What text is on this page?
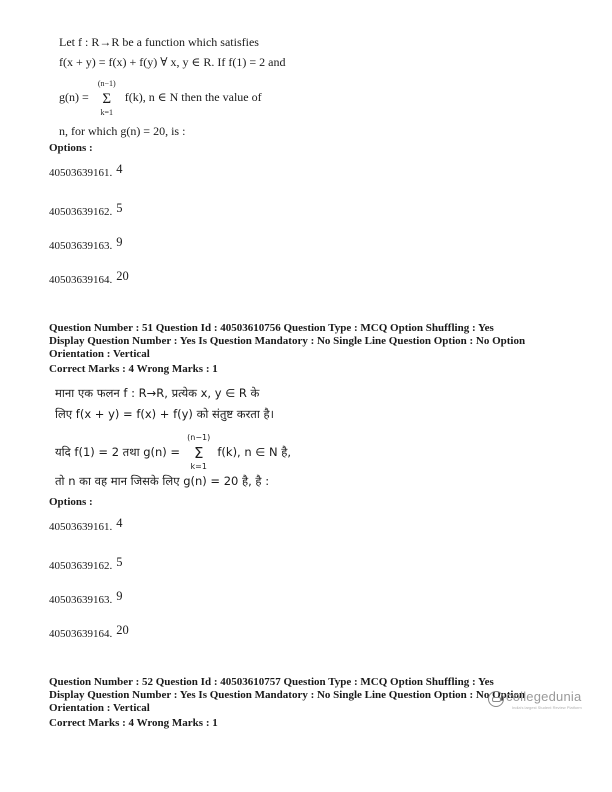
Let f : R→R be a function which satisfies
f(x + y) = f(x) + f(y) ∀ x, y ∈ R. If f(1) = 2 and
g(n) =
(n−1)
Σ
k=1
f(k), n ∈ N then the value of
n, for which g(n) = 20, is :
Options :
40503639161. 4
40503639162. 5
40503639163. 9
40503639164. 20
Question Number : 51 Question Id : 40503610756 Question Type : MCQ Option Shuffling : Yes
Display Question Number : Yes Is Question Mandatory : No Single Line Question Option : No Option
Orientation : Vertical
Correct Marks : 4 Wrong Marks : 1
माना एक फलन f : R→R, प्रत्येक x, y ∈ R के
लिए f(x + y) = f(x) + f(y) को संतुष्ट करता है।
यदि f(1) = 2 तथा g(n) =
(n−1)
Σ
k=1
f(k), n ∈ N है,
तो n का वह मान जिसके लिए g(n) = 20 है, है :
Options :
40503639161. 4
40503639162. 5
40503639163. 9
40503639164. 20
Question Number : 52 Question Id : 40503610757 Question Type : MCQ Option Shuffling : Yes
Display Question Number : Yes Is Question Mandatory : No Single Line Question Option : No Option
Orientation : Vertical
Correct Marks : 4 Wrong Marks : 1
collegedunia
India's largest Student Review Platform
